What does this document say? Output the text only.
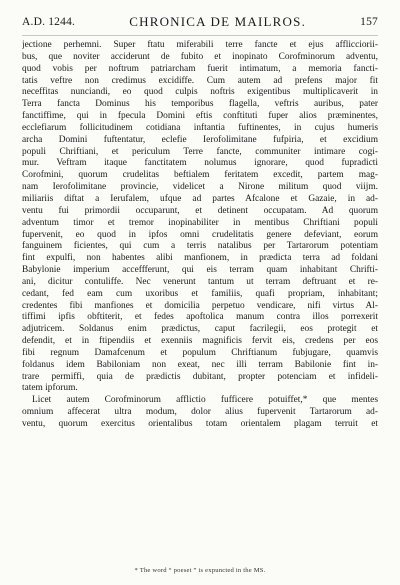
A.D. 1244.	CHRONICA DE MAILROS.	157
jectione perhemni. Super ftatu miferabili terre fancte et ejus afflicciorii-
bus, que noviter acciderunt de fubito et inopinato Corofminorum adventu,
quod vobis per noftrum patriarcham fuerit intimatum, a memoria fancti-
tatis veftre non credimus excidiffe. Cum autem ad prefens major fit
neceffitas nunciandi, eo quod culpis noftris exigentibus multiplicaverit in
Terra fancta Dominus his temporibus flagella, veftris auribus, pater
fanctiffime, qui in fpecula Domini eftis conftituti fuper alios præminentes,
ecclefiarum follicitudinem cotidiana inftantia fuftinentes, in cujus humeris
archa Domini fuftentatur, eclefie Ierofolimitane fufpiria, et excidium
populi Chriftiani, et periculum Terre fancte, communiter intimare cogi-
mur. Veftram itaque fanctitatem nolumus ignorare, quod fupradicti
Corofmini, quorum crudelitas beftialem feritatem excedit, partem mag-
nam Ierofolimitane provincie, videlicet a Nirone militum quod viijm.
miliariis diftat a Ierufalem, ufque ad partes Afcalone et Gazaie, in ad-
ventu fui primordii occuparunt, et detinent occupatam. Ad quorum
adventum timor et tremor inopinabiliter in mentibus Chriftiani populi
fupervenit, eo quod in ipfos omni crudelitatis genere defeviant, eorum
fanguinem ficientes, qui cum a terris natalibus per Tartarorum potentiam
fint expulfi, non habentes alibi manfionem, in prædicta terra ad foldani
Babylonie imperium acceffferunt, qui eis terram quam inhabitant Chrifti-
ani, dicitur contuliffe. Nec venerunt tantum ut terram deftruant et re-
cedant, fed eam cum uxoribus et familiis, quafi propriam, inhabitant;
credentes fibi manfiones et domicilia perpetuo vendicare, nifi virtus Al-
tiffimi ipfis obftiterit, et fedes apoftolica manum contra illos porrexerit
adjutricem. Soldanus enim prædictus, caput facrilegii, eos protegit et
defendit, et in ftipendiis et exenniis magnificis fervit eis, credens per eos
fibi regnum Damafcenum et populum Chriftianum fubjugare, quamvis
foldanus idem Babiloniam non exeat, nec illi terram Babilonie fint in-
trare permiffi, quia de prædictis dubitant, propter potenciam et infideli-
tatem ipforum.
Licet autem Corofminorum afflictio fufficere potuiffet,* que mentes
omnium affecerat ultra modum, dolor alius fupervenit Tartarorum ad-
ventu, quorum exercitus orientalibus totam orientalem plagam terruit et
* The word “ poeset ” is expuncted in the MS.
